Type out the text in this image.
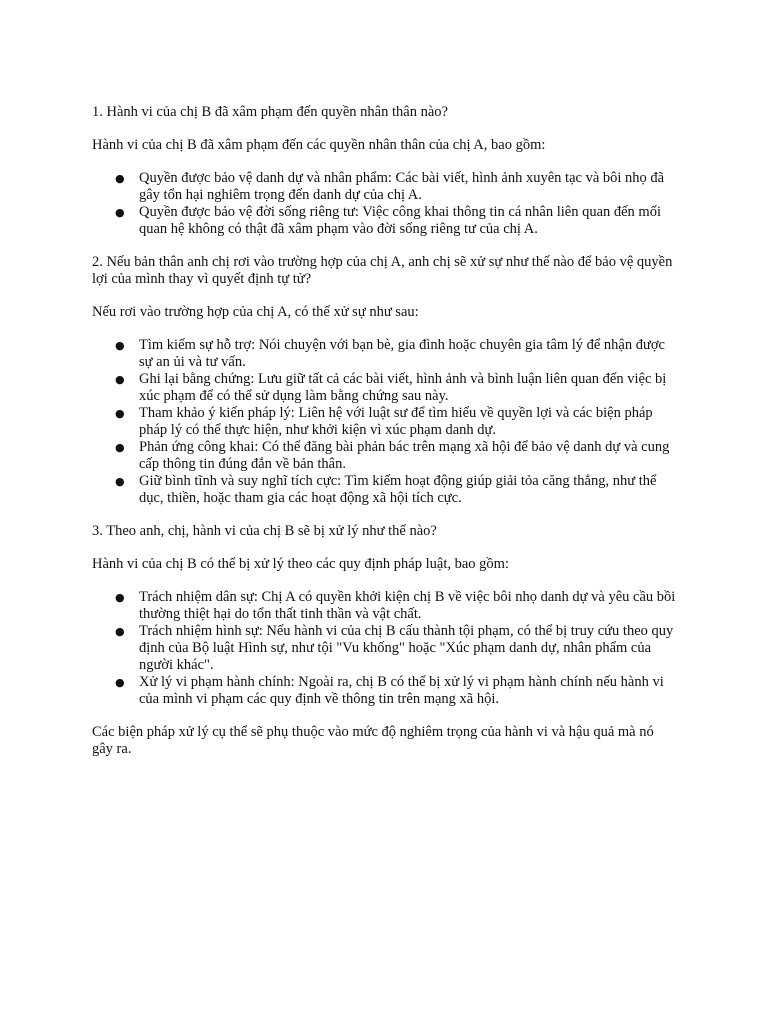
1. Hành vi của chị B đã xâm phạm đến quyền nhân thân nào?

Hành vi của chị B đã xâm phạm đến các quyền nhân thân của chị A, bao gồm:

● Quyền được bảo vệ danh dự và nhân phẩm: Các bài viết, hình ảnh xuyên tạc và bôi nhọ đã gây tổn hại nghiêm trọng đến danh dự của chị A.
● Quyền được bảo vệ đời sống riêng tư: Việc công khai thông tin cá nhân liên quan đến mối quan hệ không có thật đã xâm phạm vào đời sống riêng tư của chị A.

2. Nếu bản thân anh chị rơi vào trường hợp của chị A, anh chị sẽ xử sự như thế nào để bảo vệ quyền lợi của mình thay vì quyết định tự tử?

Nếu rơi vào trường hợp của chị A, có thể xử sự như sau:

● Tìm kiếm sự hỗ trợ: Nói chuyện với bạn bè, gia đình hoặc chuyên gia tâm lý để nhận được sự an ủi và tư vấn.
● Ghi lại bằng chứng: Lưu giữ tất cả các bài viết, hình ảnh và bình luận liên quan đến việc bị xúc phạm để có thể sử dụng làm bằng chứng sau này.
● Tham khảo ý kiến pháp lý: Liên hệ với luật sư để tìm hiểu về quyền lợi và các biện pháp pháp lý có thể thực hiện, như khởi kiện vì xúc phạm danh dự.
● Phản ứng công khai: Có thể đăng bài phản bác trên mạng xã hội để bảo vệ danh dự và cung cấp thông tin đúng đắn về bản thân.
● Giữ bình tĩnh và suy nghĩ tích cực: Tìm kiếm hoạt động giúp giải tỏa căng thẳng, như thể dục, thiền, hoặc tham gia các hoạt động xã hội tích cực.

3. Theo anh, chị, hành vi của chị B sẽ bị xử lý như thế nào?

Hành vi của chị B có thể bị xử lý theo các quy định pháp luật, bao gồm:

● Trách nhiệm dân sự: Chị A có quyền khởi kiện chị B về việc bôi nhọ danh dự và yêu cầu bồi thường thiệt hại do tổn thất tinh thần và vật chất.
● Trách nhiệm hình sự: Nếu hành vi của chị B cấu thành tội phạm, có thể bị truy cứu theo quy định của Bộ luật Hình sự, như tội "Vu khống" hoặc "Xúc phạm danh dự, nhân phẩm của người khác".
● Xử lý vi phạm hành chính: Ngoài ra, chị B có thể bị xử lý vi phạm hành chính nếu hành vi của mình vi phạm các quy định về thông tin trên mạng xã hội.

Các biện pháp xử lý cụ thể sẽ phụ thuộc vào mức độ nghiêm trọng của hành vi và hậu quả mà nó gây ra.
